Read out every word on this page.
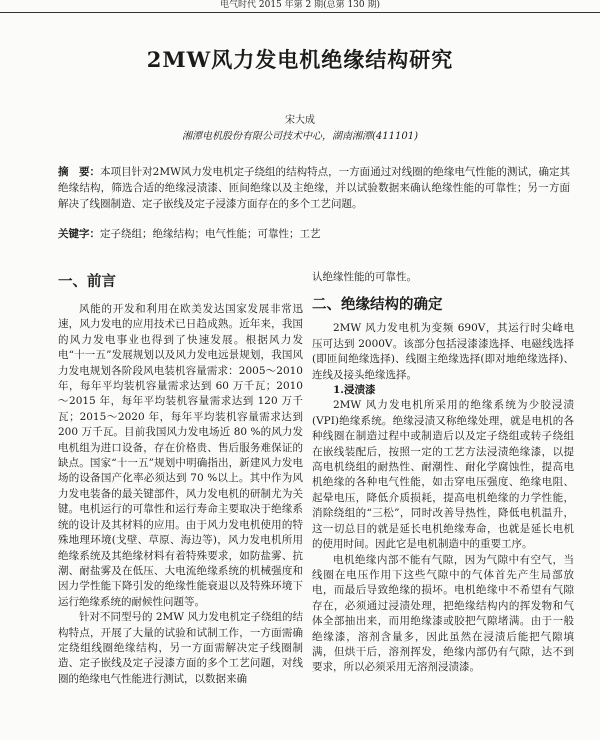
电气时代 2015 年第 2 期(总第 130 期)
2MW风力发电机绝缘结构研究
宋大成
湘潭电机股份有限公司技术中心，湖南湘潭(411101)
摘　要：本项目针对2MW风力发电机定子绕组的结构特点，一方面通过对线圈的绝缘电气性能的测试，确定其绝缘结构，筛选合适的绝缘浸渍漆、匝间绝缘以及主绝缘，并以试验数据来确认绝缘性能的可靠性；另一方面解决了线圈制造、定子嵌线及定子浸漆方面存在的多个工艺问题。
关键字：定子绕组；绝缘结构；电气性能；可靠性；工艺
一、前言

风能的开发和利用在欧美发达国家发展非常迅速，风力发电的应用技术已日趋成熟。近年来，我国的风力发电事业也得到了快速发展。根据风力发电“十一五”发展规划以及风力发电远景规划，我国风力发电规划各阶段风电装机容量需求：2005～2010 年，每年平均装机容量需求达到 60 万千瓦；2010～2015 年，每年平均装机容量需求达到 120 万千瓦；2015～2020 年，每年平均装机容量需求达到 200 万千瓦。目前我国风力发电场近 80 %的风力发电机组为进口设备，存在价格贵、售后服务难保证的缺点。国家“十一五”规划中明确指出，新建风力发电场的设备国产化率必须达到 70 %以上。其中作为风力发电装备的最关键部件，风力发电机的研制尤为关键。电机运行的可靠性和运行寿命主要取决于绝缘系统的设计及其材料的应用。由于风力发电机使用的特殊地理环境(戈壁、草原、海边等)，风力发电机所用绝缘系统及其绝缘材料有着特殊要求，如防盐雾、抗潮、耐盐雾及在低压、大电流绝缘系统的机械强度和因力学性能下降引发的绝缘性能衰退以及特殊环境下运行绝缘系统的耐候性问题等。

针对不同型号的 2MW 风力发电机定子绕组的结构特点，开展了大量的试验和试制工作，一方面需确定绕组线圈绝缘结构，另一方面需解决定子线圈制造、定子嵌线及定子浸漆方面的多个工艺问题，对线圈的绝缘电气性能进行测试，以数据来确

认绝缘性能的可靠性。

二、绝缘结构的确定

2MW 风力发电机为变频 690V，其运行时尖峰电压可达到 2000V。该部分包括浸漆漆选择、电磁线选择(即匝间绝缘选择)、线圈主绝缘选择(即对地绝缘选择)、连线及接头绝缘选择。

1.浸渍漆

2MW 风力发电机所采用的绝缘系统为少胶浸渍(VPI)绝缘系统。绝缘浸渍又称绝缘处理，就是电机的各种线圈在制造过程中或制造后以及定子绕组或转子绕组在嵌线装配后，按照一定的工艺方法浸渍绝缘漆，以提高电机绕组的耐热性、耐潮性、耐化学腐蚀性，提高电机绝缘的各种电气性能，如击穿电压强度、绝缘电阻、起晕电压，降低介质损耗，提高电机绝缘的力学性能，消除绕组的“三松”，同时改善导热性，降低电机温升，这一切总目的就是延长电机绝缘寿命，也就是延长电机的使用时间。因此它是电机制造中的重要工序。

电机绝缘内部不能有气隙，因为气隙中有空气，当线圈在电压作用下这些气隙中的气体首先产生局部放电，而最后导致绝缘的损坏。电机绝缘中不希望有气隙存在，必须通过浸渍处理，把绝缘结构内的挥发物和气体全部抽出来，而用绝缘漆或胶把气隙堵满。由于一般绝缘漆，溶剂含量多，因此虽然在浸渍后能把气隙填满，但烘干后，溶剂挥发，绝缘内部仍有气隙，达不到要求，所以必须采用无溶剂浸渍漆。
